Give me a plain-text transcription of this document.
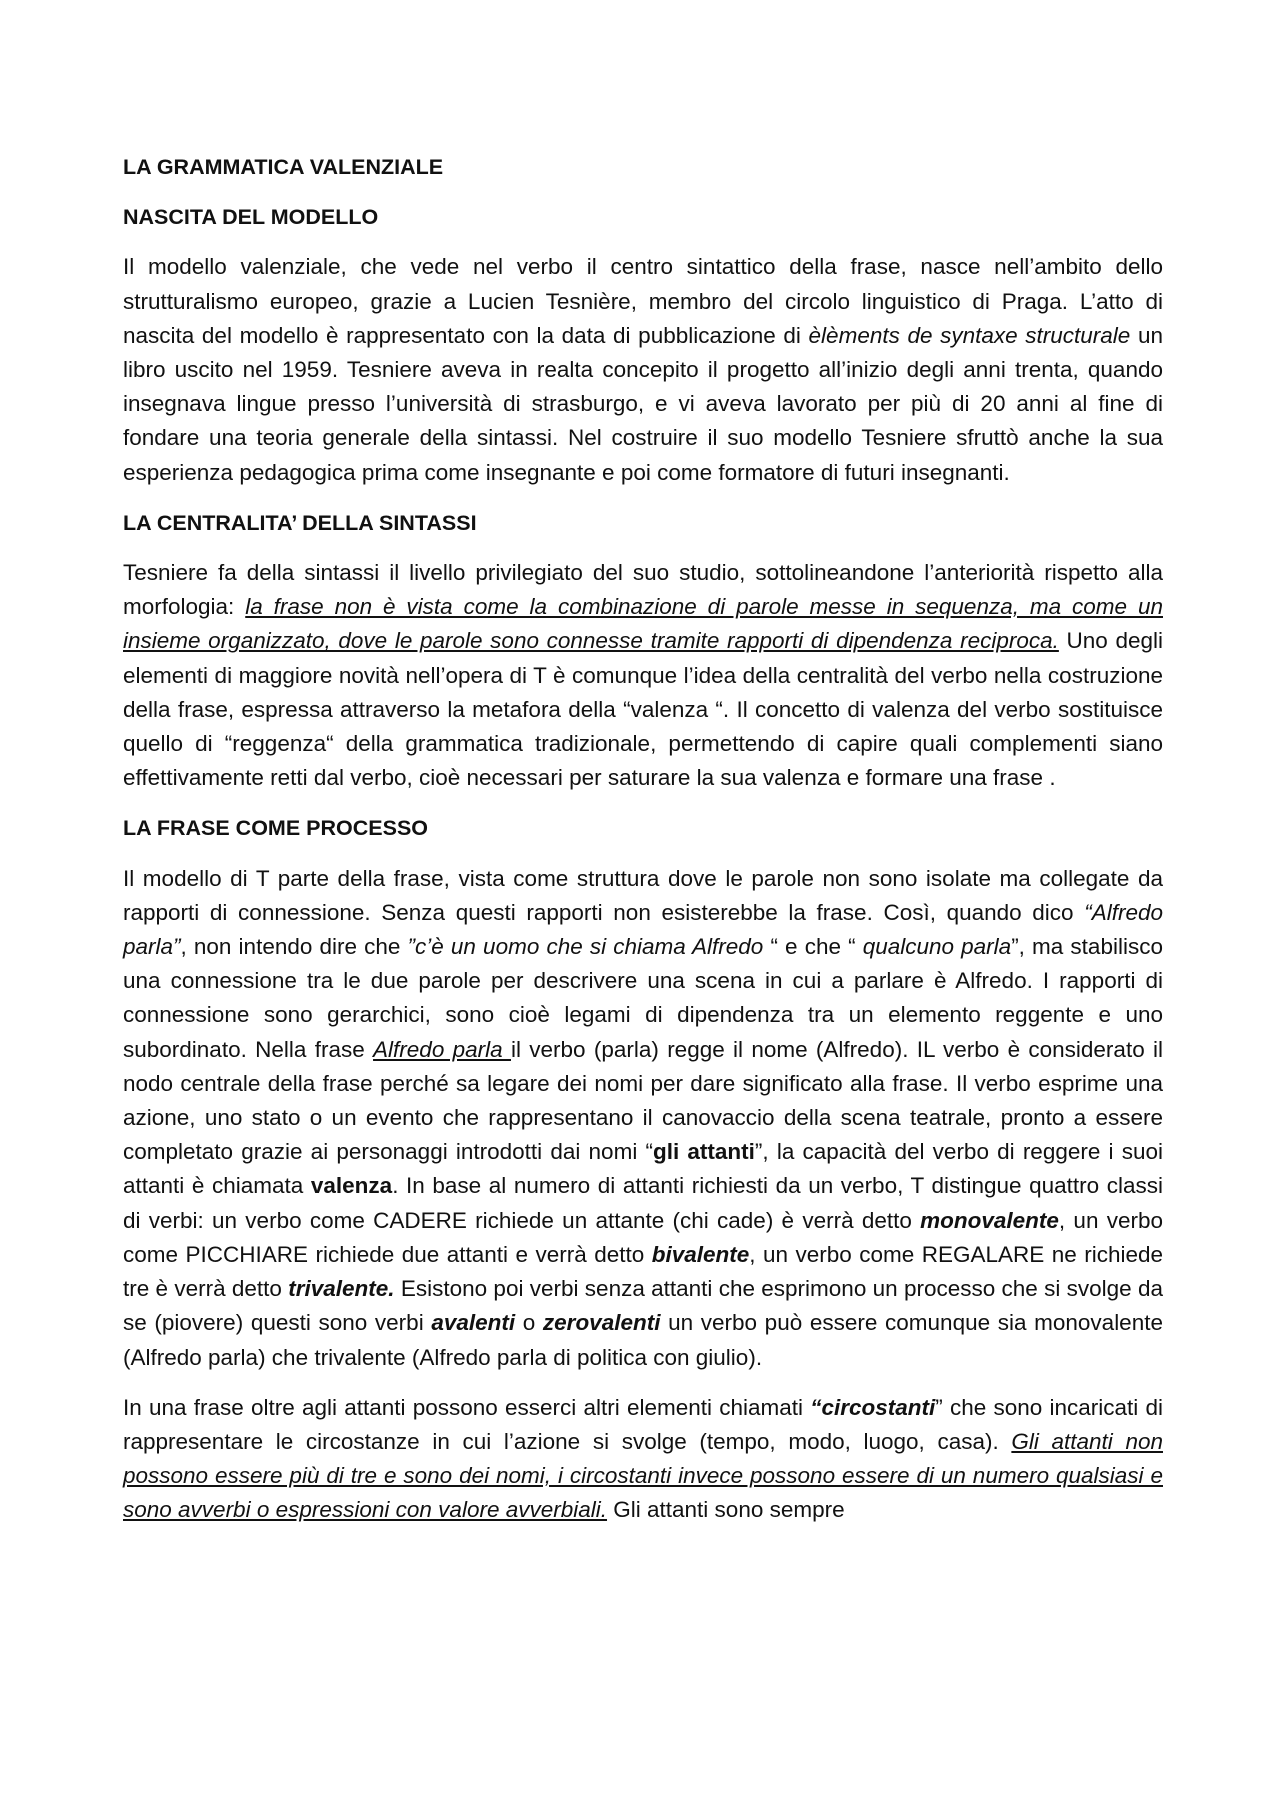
LA GRAMMATICA VALENZIALE
NASCITA DEL MODELLO

Il modello valenziale, che vede nel verbo il centro sintattico della frase, nasce nell’ambito dello strutturalismo europeo, grazie a Lucien Tesnière, membro del circolo linguistico di Praga. L’atto di nascita del modello è rappresentato con la data di pubblicazione di èlèments de syntaxe structurale un libro uscito nel 1959. Tesniere aveva in realta concepito il progetto all’inizio degli anni trenta, quando insegnava lingue presso l’università di strasburgo, e vi aveva lavorato per più di 20 anni al fine di fondare una teoria generale della sintassi. Nel costruire il suo modello Tesniere sfruttò anche la sua esperienza pedagogica prima come insegnante e poi come formatore di futuri insegnanti.

LA CENTRALITA’ DELLA SINTASSI

Tesniere fa della sintassi il livello privilegiato del suo studio, sottolineandone l’anteriorità rispetto alla morfologia: la frase non è vista come la combinazione di parole messe in sequenza, ma come un insieme organizzato, dove le parole sono connesse tramite rapporti di dipendenza reciproca. Uno degli elementi di maggiore novità nell’opera di T è comunque l’idea della centralità del verbo nella costruzione della frase, espressa attraverso la metafora della “valenza “. Il concetto di valenza del verbo sostituisce quello di “reggenza“ della grammatica tradizionale, permettendo di capire quali complementi siano effettivamente retti dal verbo, cioè necessari per saturare la sua valenza e formare una frase .

LA FRASE COME PROCESSO

Il modello di T parte della frase, vista come struttura dove le parole non sono isolate ma collegate da rapporti di connessione. Senza questi rapporti non esisterebbe la frase. Così, quando dico “Alfredo parla”, non intendo dire che ”c’è un uomo che si chiama Alfredo “ e che “ qualcuno parla”, ma stabilisco una connessione tra le due parole per descrivere una scena in cui a parlare è Alfredo. I rapporti di connessione sono gerarchici, sono cioè legami di dipendenza tra un elemento reggente e uno subordinato. Nella frase Alfredo parla il verbo (parla) regge il nome (Alfredo). IL verbo è considerato il nodo centrale della frase perché sa legare dei nomi per dare significato alla frase. Il verbo esprime una azione, uno stato o un evento che rappresentano il canovaccio della scena teatrale, pronto a essere completato grazie ai personaggi introdotti dai nomi “gli attanti”, la capacità del verbo di reggere i suoi attanti è chiamata valenza. In base al numero di attanti richiesti da un verbo, T distingue quattro classi di verbi: un verbo come CADERE richiede un attante (chi cade) è verrà detto monovalente, un verbo come PICCHIARE richiede due attanti e verrà detto bivalente, un verbo come REGALARE ne richiede tre è verrà detto trivalente. Esistono poi verbi senza attanti che esprimono un processo che si svolge da se (piovere) questi sono verbi avalenti o zerovalenti un verbo può essere comunque sia monovalente (Alfredo parla) che trivalente (Alfredo parla di politica con giulio).

In una frase oltre agli attanti possono esserci altri elementi chiamati “circostanti” che sono incaricati di rappresentare le circostanze in cui l’azione si svolge (tempo, modo, luogo, casa). Gli attanti non possono essere più di tre e sono dei nomi, i circostanti invece possono essere di un numero qualsiasi e sono avverbi o espressioni con valore avverbiali. Gli attanti sono sempre
